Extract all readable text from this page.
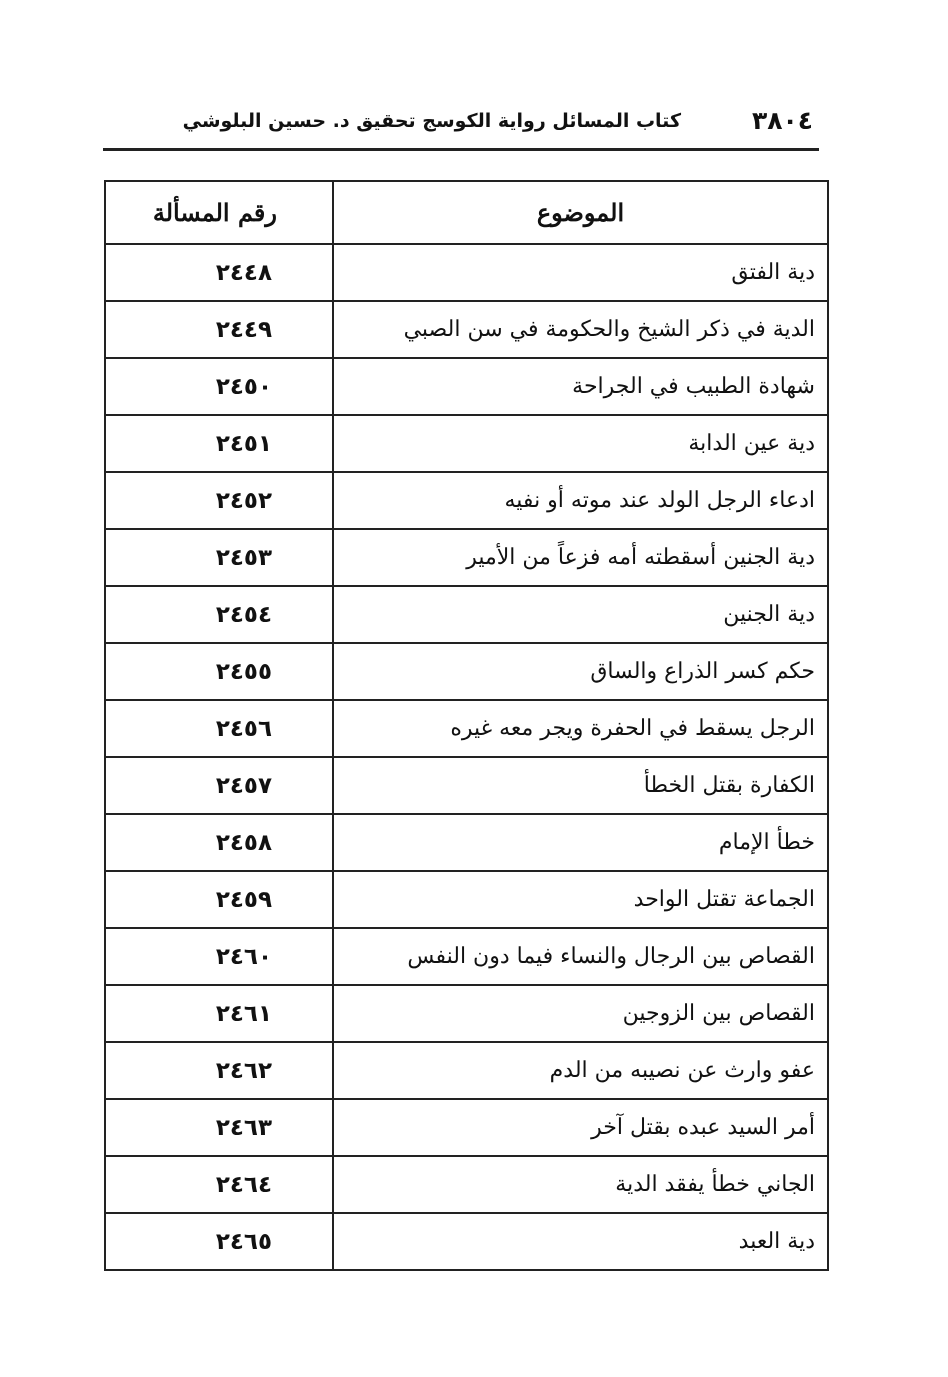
٣٨٠٤
كتاب المسائل رواية الكوسج تحقيق د. حسين البلوشي
الموضوع	رقم المسألة
دية الفتق	٢٤٤٨
الدية في ذكر الشيخ والحكومة في سن الصبي	٢٤٤٩
شهادة الطبيب في الجراحة	٢٤٥٠
دية عين الدابة	٢٤٥١
ادعاء الرجل الولد عند موته أو نفيه	٢٤٥٢
دية الجنين أسقطته أمه فزعاً من الأمير	٢٤٥٣
دية الجنين	٢٤٥٤
حكم كسر الذراع والساق	٢٤٥٥
الرجل يسقط في الحفرة ويجر معه غيره	٢٤٥٦
الكفارة بقتل الخطأ	٢٤٥٧
خطأ الإمام	٢٤٥٨
الجماعة تقتل الواحد	٢٤٥٩
القصاص بين الرجال والنساء فيما دون النفس	٢٤٦٠
القصاص بين الزوجين	٢٤٦١
عفو وارث عن نصيبه من الدم	٢٤٦٢
أمر السيد عبده بقتل آخر	٢٤٦٣
الجاني خطأ يفقد الدية	٢٤٦٤
دية العبد	٢٤٦٥
